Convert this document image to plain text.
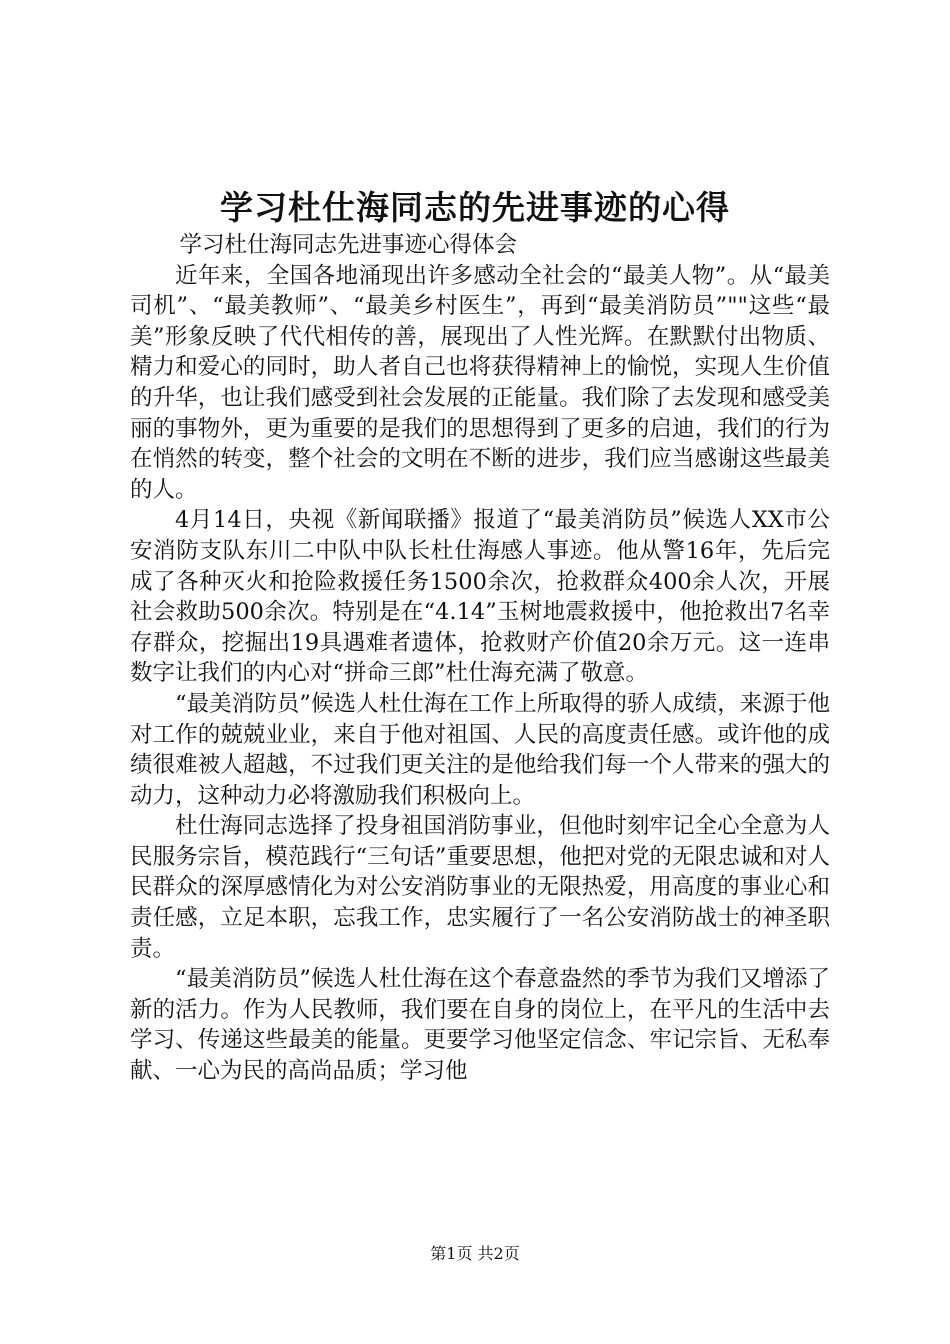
学习杜仕海同志的先进事迹的心得

学习杜仕海同志先进事迹心得体会

近年来，全国各地涌现出许多感动全社会的“最美人物”。从“最美司机”、“最美教师”、“最美乡村医生”，再到“最美消防员”""这些“最美”形象反映了代代相传的善，展现出了人性光辉。在默默付出物质、精力和爱心的同时，助人者自己也将获得精神上的愉悦，实现人生价值的升华，也让我们感受到社会发展的正能量。我们除了去发现和感受美丽的事物外，更为重要的是我们的思想得到了更多的启迪，我们的行为在悄然的转变，整个社会的文明在不断的进步，我们应当感谢这些最美的人。

4月14日，央视《新闻联播》报道了“最美消防员”候选人XX市公安消防支队东川二中队中队长杜仕海感人事迹。他从警16年，先后完成了各种灭火和抢险救援任务1500余次，抢救群众400余人次，开展社会救助500余次。特别是在“4.14”玉树地震救援中，他抢救出7名幸存群众，挖掘出19具遇难者遗体，抢救财产价值20余万元。这一连串数字让我们的内心对“拼命三郎”杜仕海充满了敬意。

“最美消防员”候选人杜仕海在工作上所取得的骄人成绩，来源于他对工作的兢兢业业，来自于他对祖国、人民的高度责任感。或许他的成绩很难被人超越，不过我们更关注的是他给我们每一个人带来的强大的动力，这种动力必将激励我们积极向上。

杜仕海同志选择了投身祖国消防事业，但他时刻牢记全心全意为人民服务宗旨，模范践行“三句话”重要思想，他把对党的无限忠诚和对人民群众的深厚感情化为对公安消防事业的无限热爱，用高度的事业心和责任感，立足本职，忘我工作，忠实履行了一名公安消防战士的神圣职责。

“最美消防员”候选人杜仕海在这个春意盎然的季节为我们又增添了新的活力。作为人民教师，我们要在自身的岗位上，在平凡的生活中去学习、传递这些最美的能量。更要学习他坚定信念、牢记宗旨、无私奉献、一心为民的高尚品质；学习他

第1页 共2页
